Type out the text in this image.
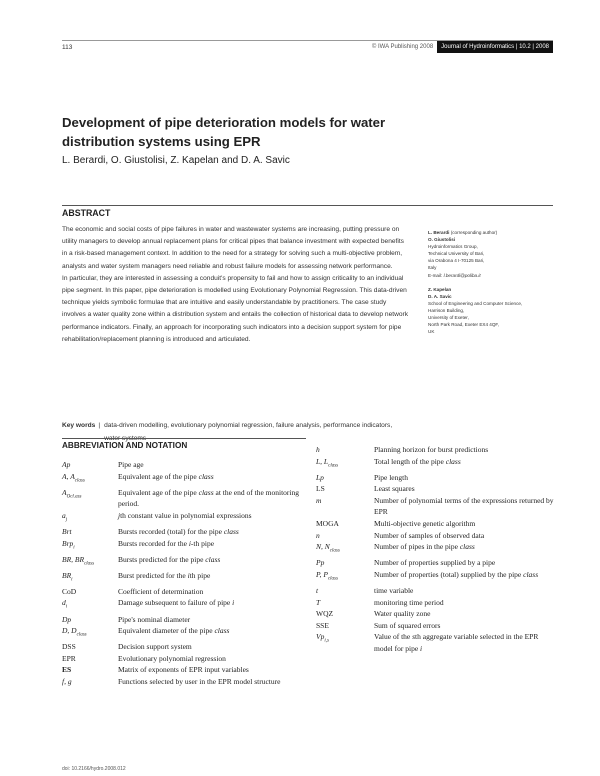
113	© IWA Publishing 2008	Journal of Hydroinformatics | 10.2 | 2008
Development of pipe deterioration models for water distribution systems using EPR
L. Berardi, O. Giustolisi, Z. Kapelan and D. A. Savic
ABSTRACT

The economic and social costs of pipe failures in water and wastewater systems are increasing, putting pressure on utility managers to develop annual replacement plans for critical pipes that balance investment with expected benefits in a risk-based management context. In addition to the need for a strategy for solving such a multi-objective problem, analysts and water system managers need reliable and robust failure models for assessing network performance.

In particular, they are interested in assessing a conduit's propensity to fail and how to assign criticality to an individual pipe segment. In this paper, pipe deterioration is modelled using Evolutionary Polynomial Regression. This data-driven technique yields symbolic formulae that are intuitive and easily understandable by practitioners. The case study involves a water quality zone within a distribution system and entails the collection of historical data to develop network performance indicators. Finally, an approach for incorporating such indicators into a decision support system for pipe rehabilitation/replacement planning is introduced and articulated.

Key words | data-driven modelling, evolutionary polynomial regression, failure analysis, performance indicators, water systems
L. Berardi (corresponding author)
O. Giustolisi
Hydroinformatics Group,
Technical University of Bari,
via Orabona 4 I-70125 Bari,
Italy
E-mail: l.berardi@poliba.it
Z. Kapelan
D. A. Savic
School of Engineering and Computer Science,
Harrison Building,
University of Exeter,
North Park Road, Exeter EX4 4QF,
UK
ABBREVIATION AND NOTATION
Ap	Pipe age
A, $A_{class}$	Equivalent age of the pipe class
$A_{Ocl.ass}$	Equivalent age of the pipe class at the end of the monitoring period.
$a_j$	jth constant value in polynomial expressions
Brt	Bursts recorded (total) for the pipe class
Brp$_i$	Bursts recorded for the i-th pipe
BR, $BR_{class}$	Bursts predicted for the pipe class
$BR_i$	Burst predicted for the ith pipe
CoD	Coefficient of determination
$d_i$	Damage subsequent to failure of pipe i
Dp	Pipe's nominal diameter
D, $D_{class}$	Equivalent diameter of the pipe class
DSS	Decision support system
EPR	Evolutionary polynomial regression
ES	Matrix of exponents of EPR input variables
f, g	Functions selected by user in the EPR model structure
h	Planning horizon for burst predictions
L, $L_{class}$	Total length of the pipe class
Lp	Pipe length
LS	Least squares
m	Number of polynomial terms of the expressions returned by EPR
MOGA	Multi-objective genetic algorithm
n	Number of samples of observed data
N, $N_{class}$	Number of pipes in the pipe class
Pp	Number of properties supplied by a pipe
P, $P_{class}$	Number of properties (total) supplied by the pipe class
t	time variable
T	monitoring time period
WQZ	Water quality zone
SSE	Sum of squared errors
$Vp_{i,s}$	Value of the sth aggregate variable selected in the EPR model for pipe i
doi: 10.2166/hydro.2008.012
